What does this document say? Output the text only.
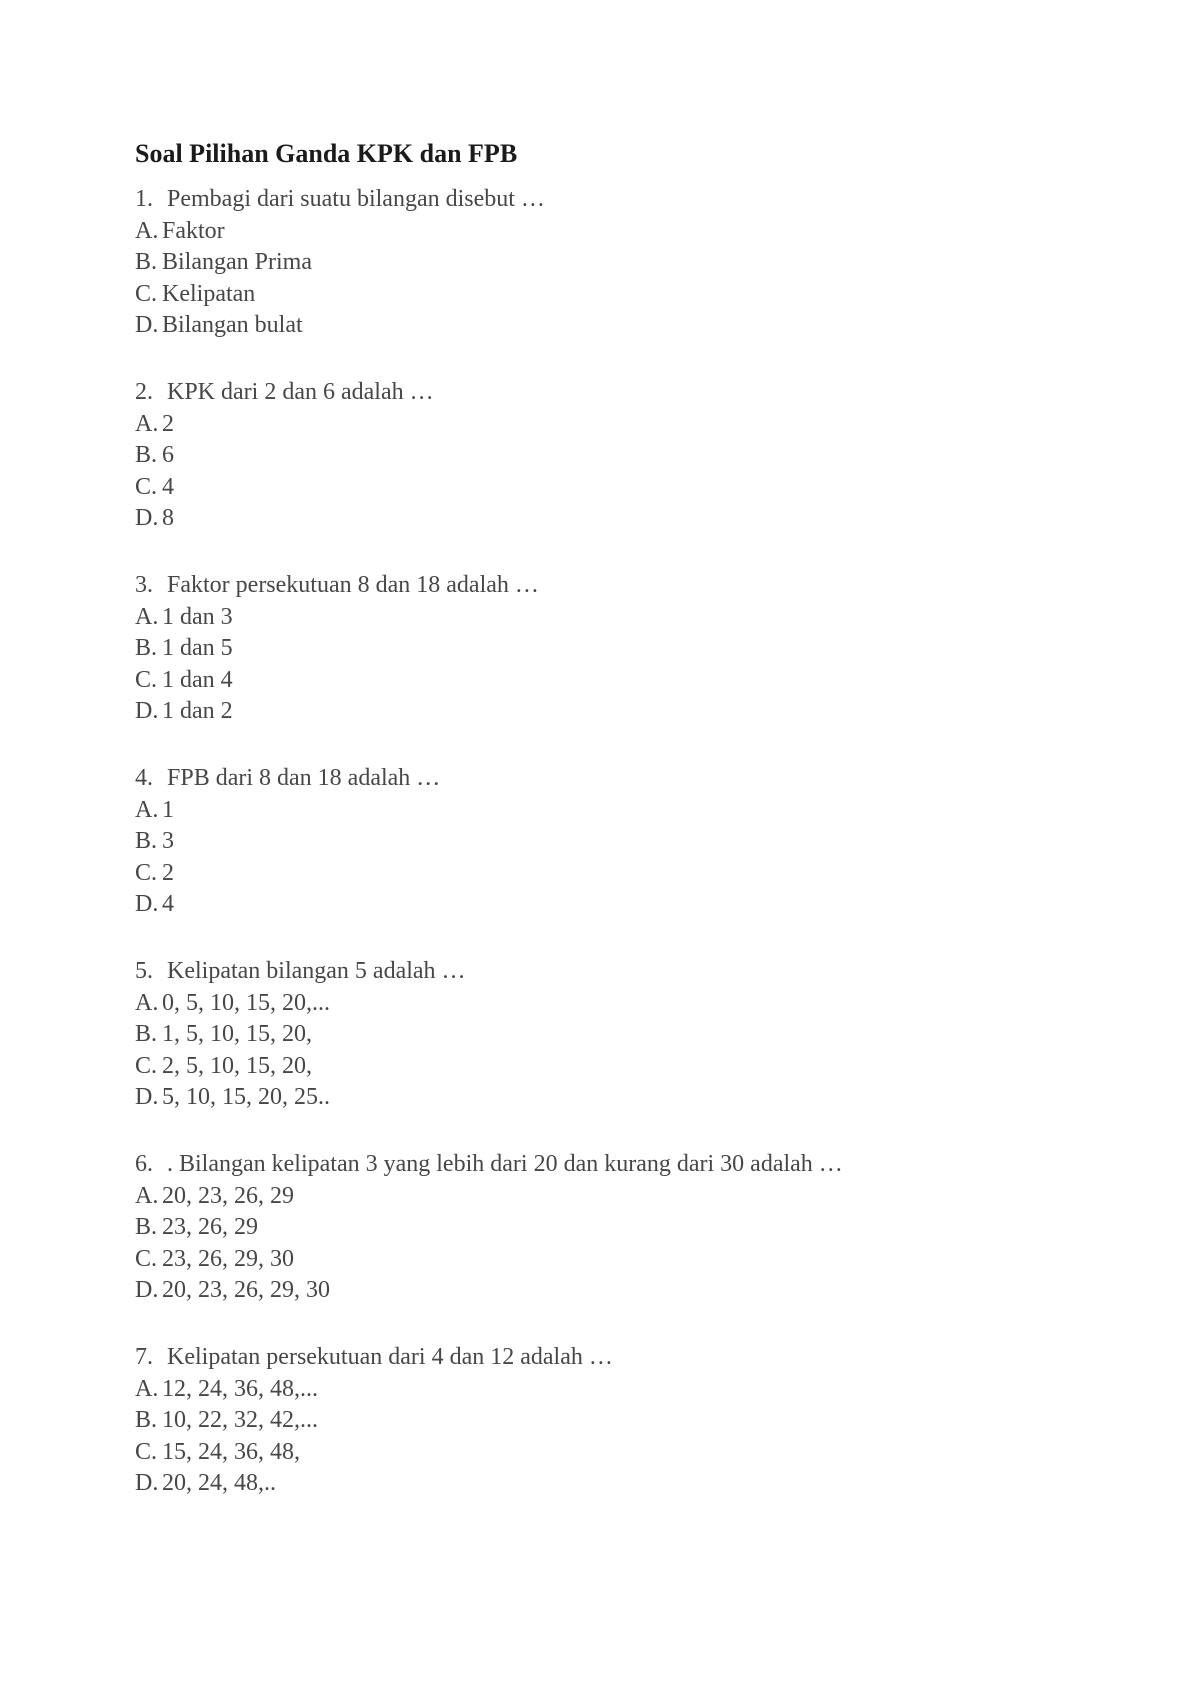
Soal Pilihan Ganda KPK dan FPB
1. Pembagi dari suatu bilangan disebut …
A. Faktor
B. Bilangan Prima
C. Kelipatan
D. Bilangan bulat
2. KPK dari 2 dan 6 adalah …
A. 2
B. 6
C. 4
D. 8
3. Faktor persekutuan 8 dan 18 adalah …
A. 1 dan 3
B. 1 dan 5
C. 1 dan 4
D. 1 dan 2
4. FPB dari 8 dan 18 adalah …
A. 1
B. 3
C. 2
D. 4
5. Kelipatan bilangan 5 adalah …
A. 0, 5, 10, 15, 20,...
B. 1, 5, 10, 15, 20,
C. 2, 5, 10, 15, 20,
D. 5, 10, 15, 20, 25..
6. . Bilangan kelipatan 3 yang lebih dari 20 dan kurang dari 30 adalah …
A. 20, 23, 26, 29
B. 23, 26, 29
C. 23, 26, 29, 30
D. 20, 23, 26, 29, 30
7. Kelipatan persekutuan dari 4 dan 12 adalah …
A. 12, 24, 36, 48,...
B. 10, 22, 32, 42,...
C. 15, 24, 36, 48,
D. 20, 24, 48,..
